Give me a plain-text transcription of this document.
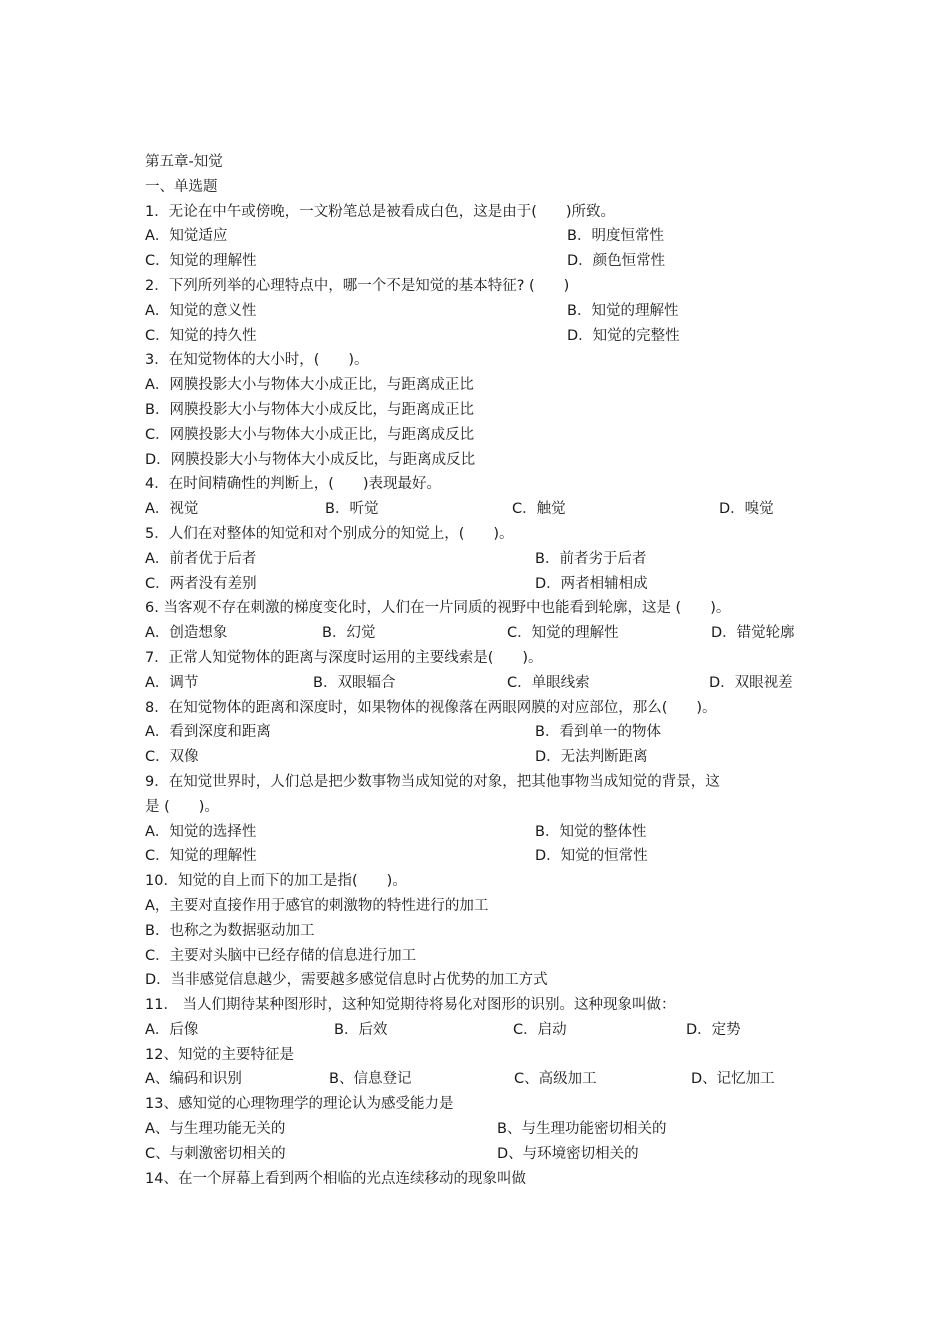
第五章-知觉
一、单选题
1．无论在中午或傍晚，一文粉笔总是被看成白色，这是由于(　　)所致。
A．知觉适应	B．明度恒常性
C．知觉的理解性	D．颜色恒常性
2．下列所列举的心理特点中，哪一个不是知觉的基本特征? (　　)
A．知觉的意义性	B．知觉的理解性
C．知觉的持久性	D．知觉的完整性
3．在知觉物体的大小时，(　　)。
A．网膜投影大小与物体大小成正比，与距离成正比
B．网膜投影大小与物体大小成反比，与距离成正比
C．网膜投影大小与物体大小成正比，与距离成反比
D．网膜投影大小与物体大小成反比，与距离成反比
4．在时间精确性的判断上，(　　)表现最好。
A．视觉	B．听觉	C．触觉	D．嗅觉
5．人们在对整体的知觉和对个别成分的知觉上，(　　)。
A．前者优于后者	B．前者劣于后者
C．两者没有差别	D．两者相辅相成
6. 当客观不存在刺激的梯度变化时，人们在一片同质的视野中也能看到轮廓，这是 (　　)。
A．创造想象	B．幻觉	C．知觉的理解性	D．错觉轮廓
7．正常人知觉物体的距离与深度时运用的主要线索是(　　)。
A．调节	B．双眼辐合	C．单眼线索	D．双眼视差
8．在知觉物体的距离和深度时，如果物体的视像落在两眼网膜的对应部位，那么(　　)。
A．看到深度和距离	B．看到单一的物体
C．双像	D．无法判断距离
9．在知觉世界时，人们总是把少数事物当成知觉的对象，把其他事物当成知觉的背景，这
是 (　　)。
A．知觉的选择性	B．知觉的整体性
C．知觉的理解性	D．知觉的恒常性
10．知觉的自上而下的加工是指(　　)。
A，主要对直接作用于感官的刺激物的特性进行的加工
B．也称之为数据驱动加工
C．主要对头脑中已经存储的信息进行加工
D．当非感觉信息越少，需要越多感觉信息时占优势的加工方式
11． 当人们期待某种图形时，这种知觉期待将易化对图形的识别。这种现象叫做：
A．后像	B．后效	C．启动	D．定势
12、知觉的主要特征是
A、编码和识别	B、信息登记	C、高级加工	D、记忆加工
13、感知觉的心理物理学的理论认为感受能力是
A、与生理功能无关的	B、与生理功能密切相关的
C、与刺激密切相关的	D、与环境密切相关的
14、在一个屏幕上看到两个相临的光点连续移动的现象叫做
